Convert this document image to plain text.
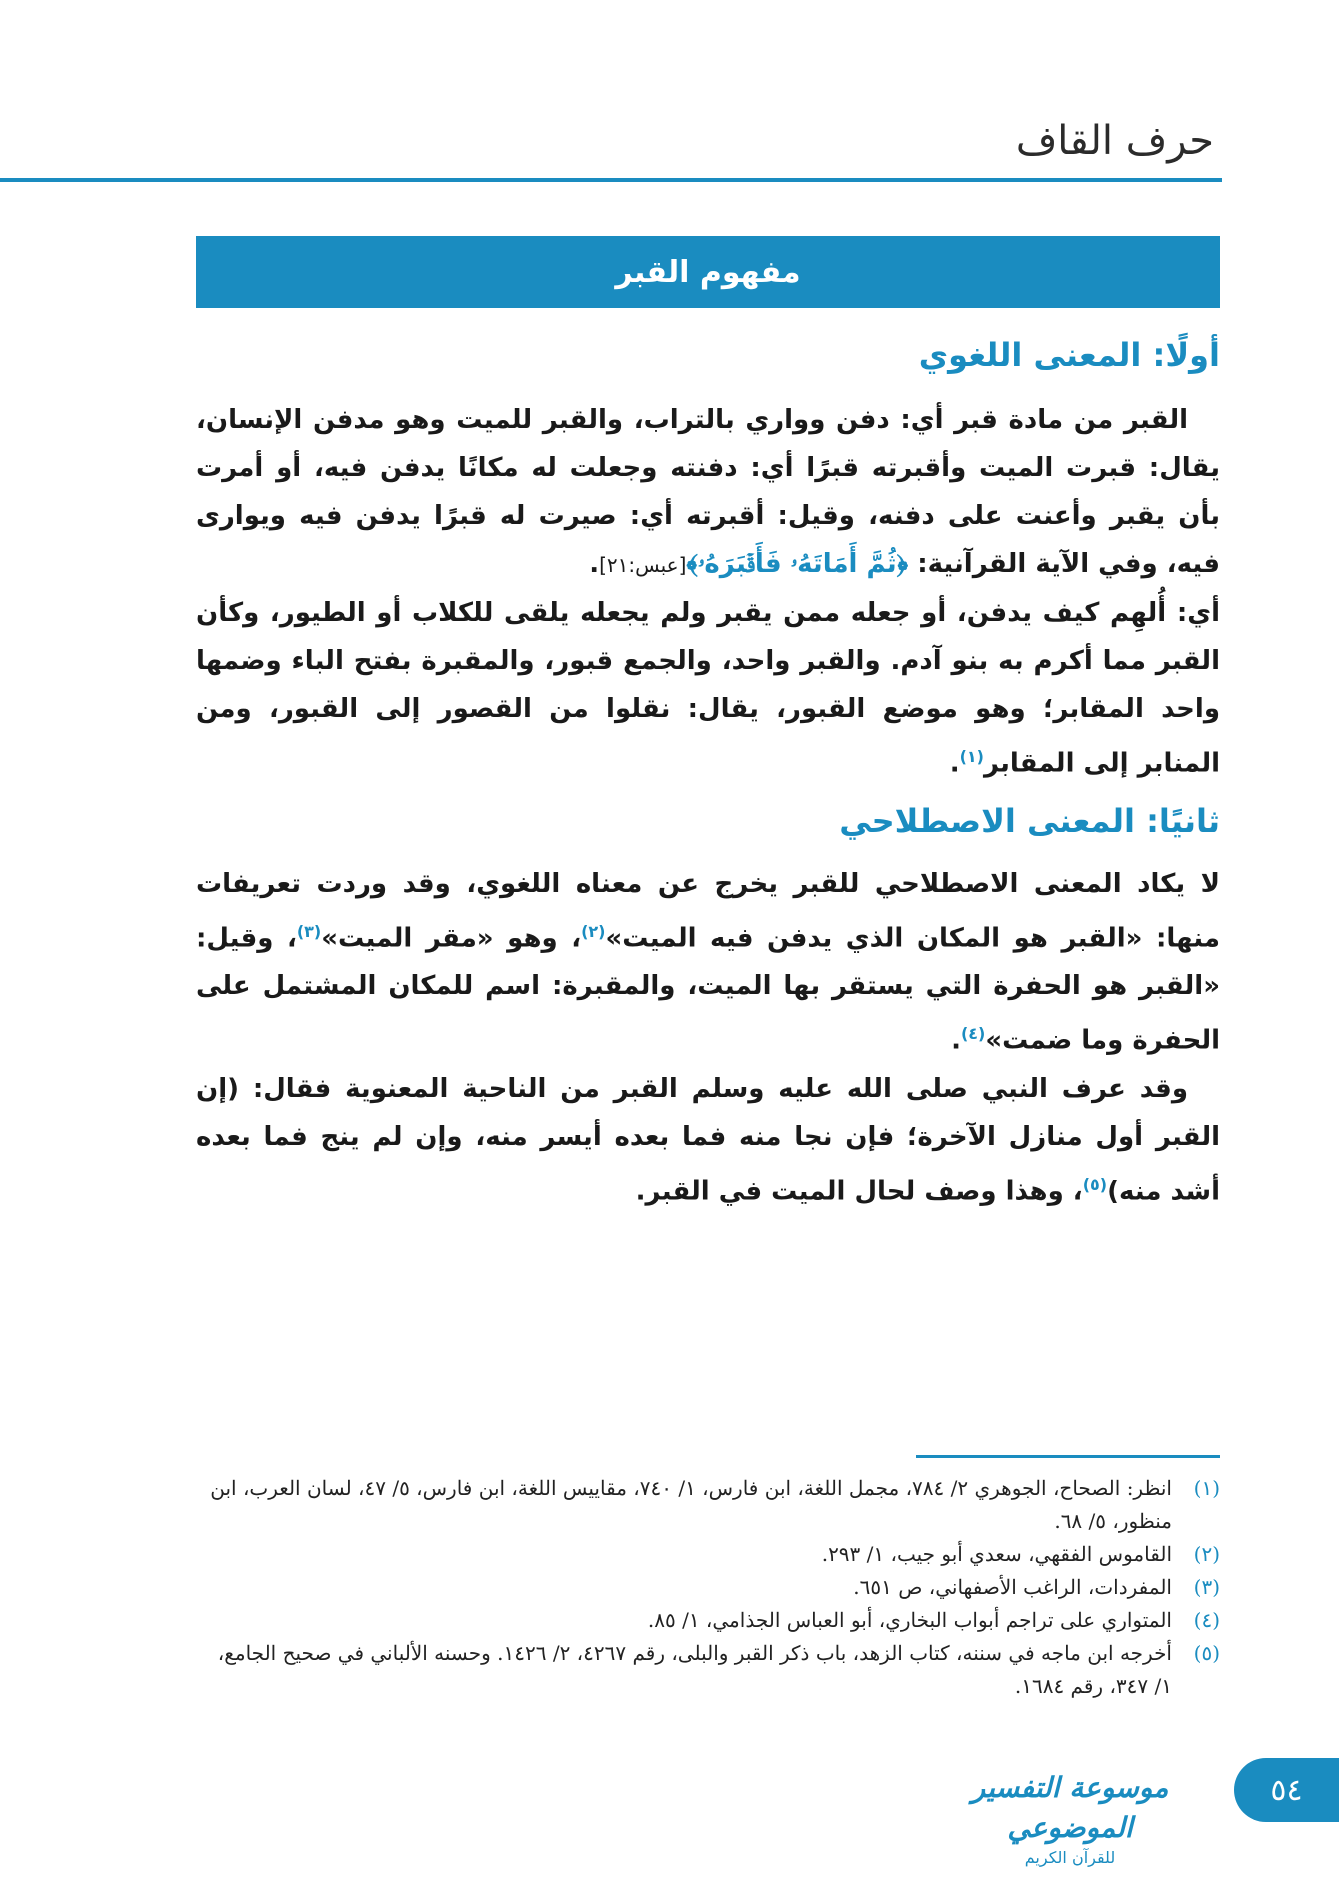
حرف القاف
مفهوم القبر
أولًا: المعنى اللغوي

القبر من مادة قبر أي: دفن وواري بالتراب، والقبر للميت وهو مدفن الإنسان، يقال: قبرت الميت وأقبرته قبرًا أي: دفنته وجعلت له مكانًا يدفن فيه، أو أمرت بأن يقبر وأعنت على دفنه، وقيل: أقبرته أي: صيرت له قبرًا يدفن فيه ويوارى فيه، وفي الآية القرآنية: ﴿ثُمَّ أَمَاتَهُۥ فَأَقۡبَرَهُۥ﴾[عبس:٢١].

أي: أُلهِم كيف يدفن، أو جعله ممن يقبر ولم يجعله يلقى للكلاب أو الطيور، وكأن القبر مما أكرم به بنو آدم. والقبر واحد، والجمع قبور، والمقبرة بفتح الباء وضمها واحد المقابر؛ وهو موضع القبور، يقال: نقلوا من القصور إلى القبور، ومن المنابر إلى المقابر$^{(١)}$.

ثانيًا: المعنى الاصطلاحي

لا يكاد المعنى الاصطلاحي للقبر يخرج عن معناه اللغوي، وقد وردت تعريفات منها: «القبر هو المكان الذي يدفن فيه الميت»$^{(٢)}$، وهو «مقر الميت»$^{(٣)}$، وقيل: «القبر هو الحفرة التي يستقر بها الميت، والمقبرة: اسم للمكان المشتمل على الحفرة وما ضمت»$^{(٤)}$.

وقد عرف النبي صلى الله عليه وسلم القبر من الناحية المعنوية فقال: (إن القبر أول منازل الآخرة؛ فإن نجا منه فما بعده أيسر منه، وإن لم ينج فما بعده أشد منه)$^{(٥)}$، وهذا وصف لحال الميت في القبر.

(١)
انظر: الصحاح، الجوهري ٢/ ٧٨٤، مجمل اللغة، ابن فارس، ١/ ٧٤٠، مقاييس اللغة، ابن فارس، ٥/ ٤٧، لسان العرب، ابن منظور، ٥/ ٦٨.
(٢)
القاموس الفقهي، سعدي أبو جيب، ١/ ٢٩٣.
(٣)
المفردات، الراغب الأصفهاني، ص ٦٥١.
(٤)
المتواري على تراجم أبواب البخاري، أبو العباس الجذامي، ١/ ٨٥.
(٥)
أخرجه ابن ماجه في سننه، كتاب الزهد، باب ذكر القبر والبلى، رقم ٤٢٦٧، ٢/ ١٤٢٦. وحسنه الألباني في صحيح الجامع، ١/ ٣٤٧، رقم ١٦٨٤.
موسوعة التفسير الموضوعي
للقرآن الكريم
٥٤
